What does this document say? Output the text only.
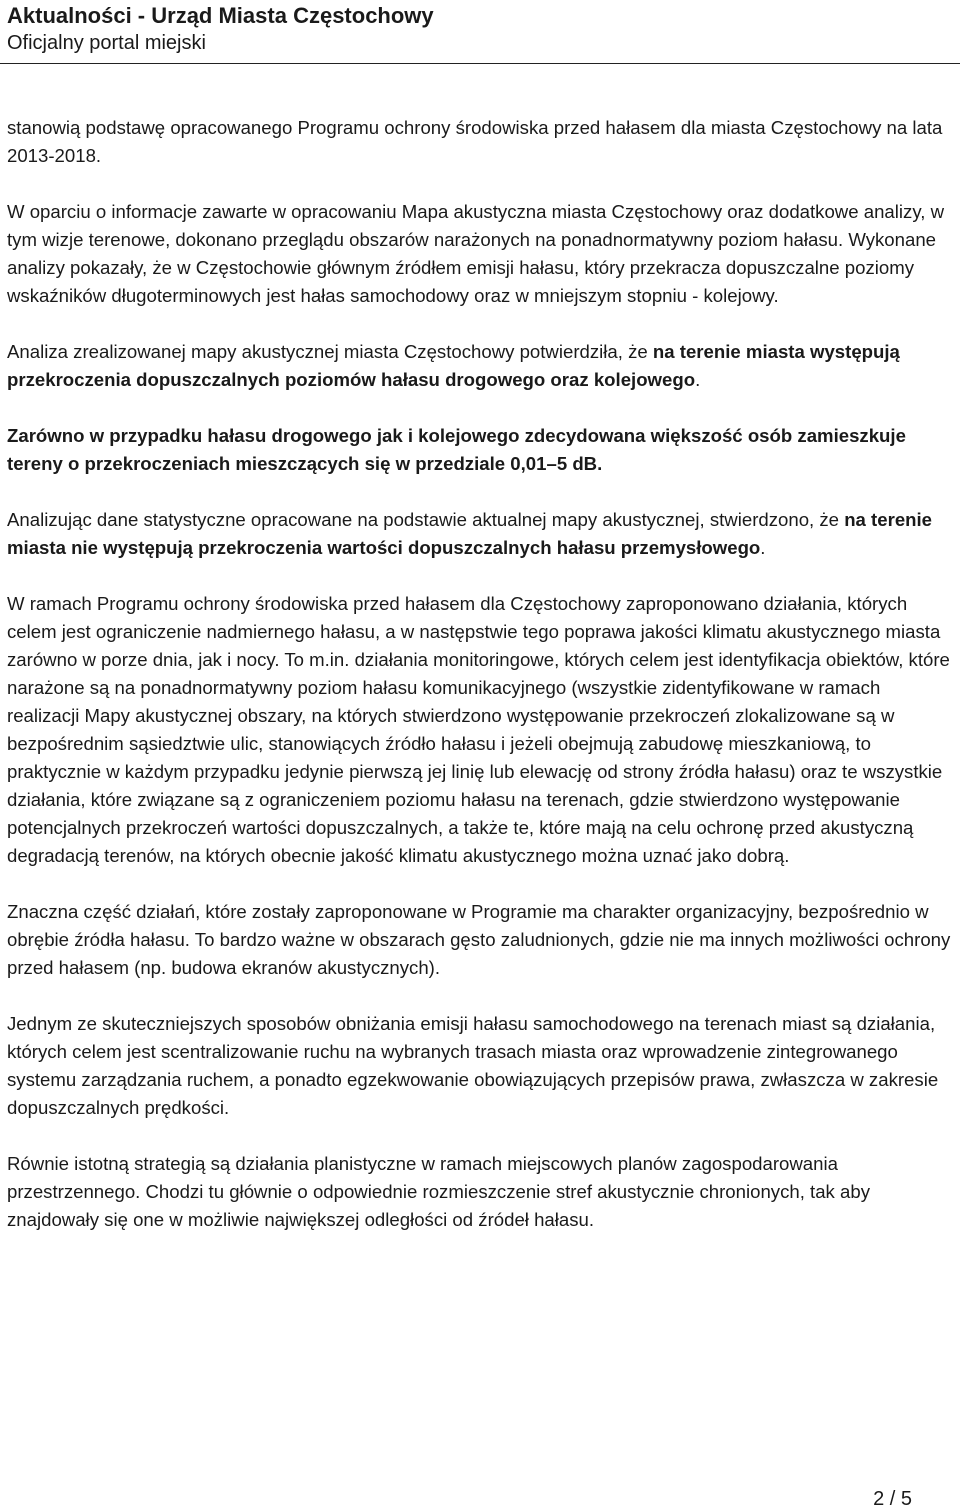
Aktualności - Urząd Miasta Częstochowy
Oficjalny portal miejski

stanowią podstawę opracowanego Programu ochrony środowiska przed hałasem dla miasta Częstochowy na lata 2013-2018.

W oparciu o informacje zawarte w opracowaniu Mapa akustyczna miasta Częstochowy oraz dodatkowe analizy, w tym wizje terenowe, dokonano przeglądu obszarów narażonych na ponadnormatywny poziom hałasu. Wykonane analizy pokazały, że w Częstochowie głównym źródłem emisji hałasu, który przekracza dopuszczalne poziomy wskaźników długoterminowych jest hałas samochodowy oraz w mniejszym stopniu - kolejowy.

Analiza zrealizowanej mapy akustycznej miasta Częstochowy potwierdziła, że na terenie miasta występują przekroczenia dopuszczalnych poziomów hałasu drogowego oraz kolejowego.

Zarówno w przypadku hałasu drogowego jak i kolejowego zdecydowana większość osób zamieszkuje tereny o przekroczeniach mieszczących się w przedziale 0,01–5 dB.

Analizując dane statystyczne opracowane na podstawie aktualnej mapy akustycznej, stwierdzono, że na terenie miasta nie występują przekroczenia wartości dopuszczalnych hałasu przemysłowego.

W ramach Programu ochrony środowiska przed hałasem dla Częstochowy zaproponowano działania, których celem jest ograniczenie nadmiernego hałasu, a w następstwie tego poprawa jakości klimatu akustycznego miasta zarówno w porze dnia, jak i nocy. To m.in. działania monitoringowe, których celem jest identyfikacja obiektów, które narażone są na ponadnormatywny poziom hałasu komunikacyjnego (wszystkie zidentyfikowane w ramach realizacji Mapy akustycznej obszary, na których stwierdzono występowanie przekroczeń zlokalizowane są w bezpośrednim sąsiedztwie ulic, stanowiących źródło hałasu i jeżeli obejmują zabudowę mieszkaniową, to praktycznie w każdym przypadku jedynie pierwszą jej linię lub elewację od strony źródła hałasu) oraz te wszystkie działania, które związane są z ograniczeniem poziomu hałasu na terenach, gdzie stwierdzono występowanie potencjalnych przekroczeń wartości dopuszczalnych, a także te, które mają na celu ochronę przed akustyczną degradacją terenów, na których obecnie jakość klimatu akustycznego można uznać jako dobrą.

Znaczna część działań, które zostały zaproponowane w Programie ma charakter organizacyjny, bezpośrednio w obrębie źródła hałasu. To bardzo ważne w obszarach gęsto zaludnionych, gdzie nie ma innych możliwości ochrony przed hałasem (np. budowa ekranów akustycznych).

Jednym ze skuteczniejszych sposobów obniżania emisji hałasu samochodowego na terenach miast są działania, których celem jest scentralizowanie ruchu na wybranych trasach miasta oraz wprowadzenie zintegrowanego systemu zarządzania ruchem, a ponadto egzekwowanie obowiązujących przepisów prawa, zwłaszcza w zakresie dopuszczalnych prędkości.

Równie istotną strategią są działania planistyczne w ramach miejscowych planów zagospodarowania przestrzennego. Chodzi tu głównie o odpowiednie rozmieszczenie stref akustycznie chronionych, tak aby znajdowały się one w możliwie największej odległości od źródeł hałasu.

2 / 5
